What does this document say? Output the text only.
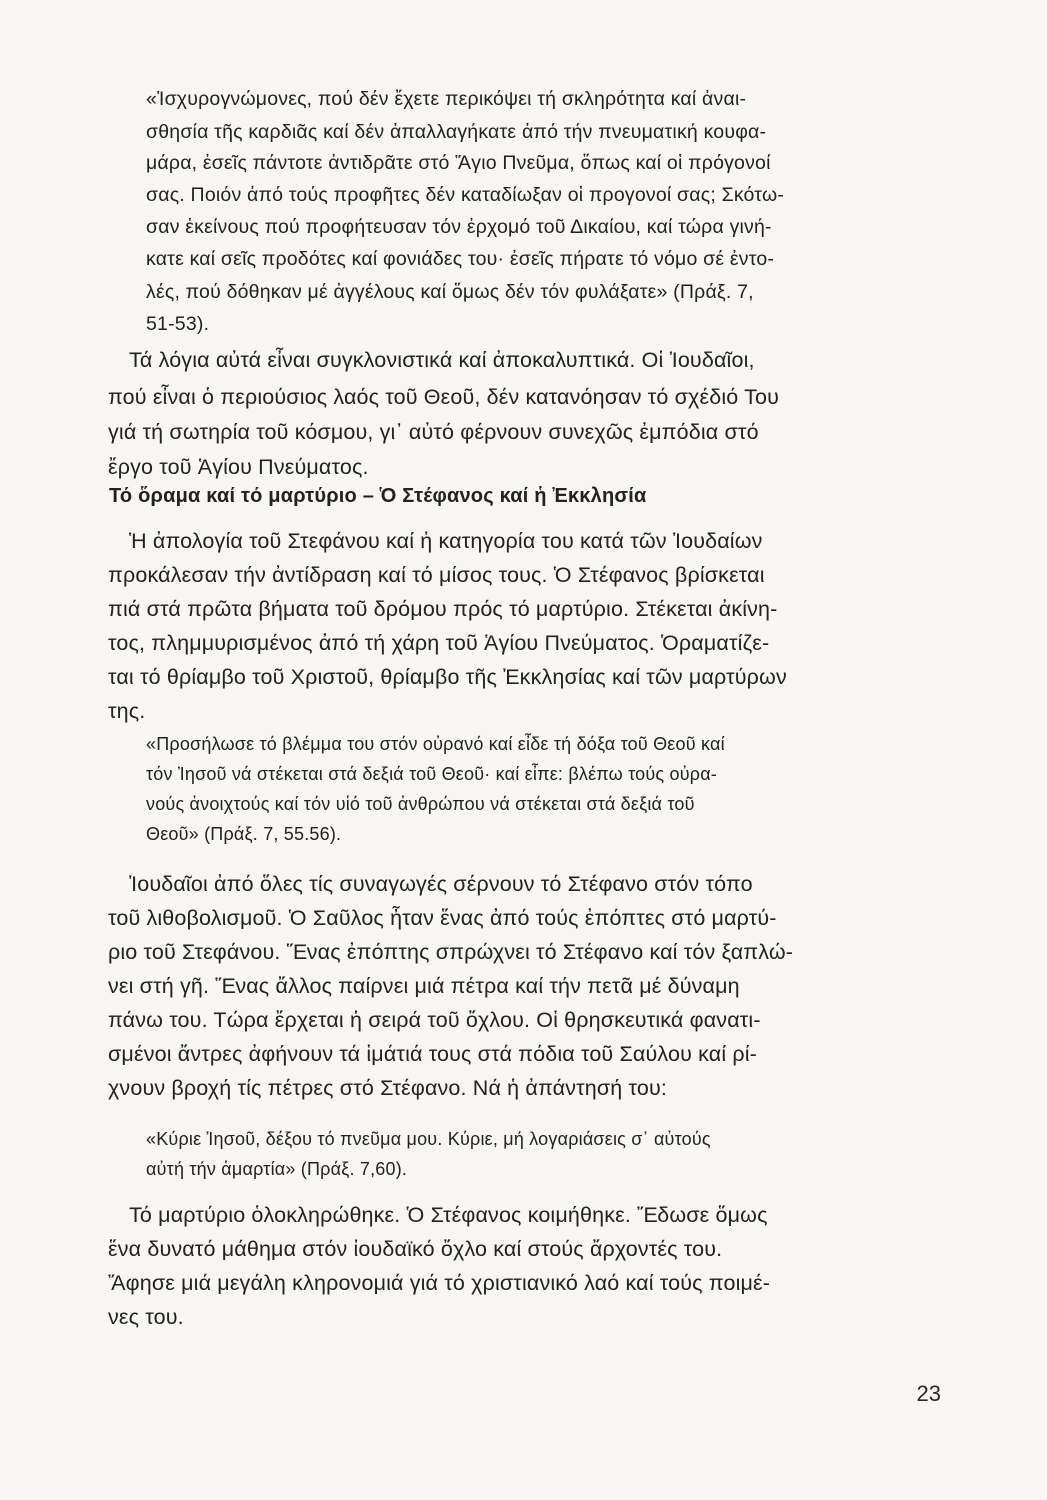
«Ἰσχυρογνώμονες, πού δέν ἔχετε περικόψει τή σκληρότητα καί ἀναι-
σθησία τῆς καρδιᾶς καί δέν ἀπαλλαγήκατε ἀπό τήν πνευματική κουφα-
μάρα, ἐσεῖς πάντοτε ἀντιδρᾶτε στό Ἅγιο Πνεῦμα, ὅπως καί οἱ πρόγονοί
σας. Ποιόν ἀπό τούς προφῆτες δέν καταδίωξαν οἱ προγονοί σας; Σκότω-
σαν ἐκείνους πού προφήτευσαν τόν ἐρχομό τοῦ Δικαίου, καί τώρα γινή-
κατε καί σεῖς προδότες καί φονιάδες του· ἐσεῖς πήρατε τό νόμο σέ ἐντο-
λές, πού δόθηκαν μέ ἀγγέλους καί ὅμως δέν τόν φυλάξατε» (Πράξ. 7,
51-53).
Τά λόγια αὐτά εἶναι συγκλονιστικά καί ἀποκαλυπτικά. Οἱ Ἰουδαῖοι,
πού εἶναι ὁ περιούσιος λαός τοῦ Θεοῦ, δέν κατανόησαν τό σχέδιό Του
γιά τή σωτηρία τοῦ κόσμου, γι᾽ αὐτό φέρνουν συνεχῶς ἐμπόδια στό
ἔργο τοῦ Ἁγίου Πνεύματος.
Τό ὅραμα καί τό μαρτύριο – Ὁ Στέφανος καί ἡ Ἐκκλησία
Ἡ ἀπολογία τοῦ Στεφάνου καί ἡ κατηγορία του κατά τῶν Ἰουδαίων
προκάλεσαν τήν ἀντίδραση καί τό μίσος τους. Ὁ Στέφανος βρίσκεται
πιά στά πρῶτα βήματα τοῦ δρόμου πρός τό μαρτύριο. Στέκεται ἀκίνη-
τος, πλημμυρισμένος ἀπό τή χάρη τοῦ Ἁγίου Πνεύματος. Ὁραματίζε-
ται τό θρίαμβο τοῦ Χριστοῦ, θρίαμβο τῆς Ἐκκλησίας καί τῶν μαρτύρων
της.
«Προσήλωσε τό βλέμμα του στόν οὐρανό καί εἶδε τή δόξα τοῦ Θεοῦ καί
τόν Ἰησοῦ νά στέκεται στά δεξιά τοῦ Θεοῦ· καί εἶπε: βλέπω τούς οὐρα-
νούς ἀνοιχτούς καί τόν υἱό τοῦ ἀνθρώπου νά στέκεται στά δεξιά τοῦ
Θεοῦ» (Πράξ. 7, 55.56).
Ἰουδαῖοι ἀπό ὅλες τίς συναγωγές σέρνουν τό Στέφανο στόν τόπο
τοῦ λιθοβολισμοῦ. Ὁ Σαῦλος ἦταν ἕνας ἀπό τούς ἐπόπτες στό μαρτύ-
ριο τοῦ Στεφάνου. Ἕνας ἐπόπτης σπρώχνει τό Στέφανο καί τόν ξαπλώ-
νει στή γῆ. Ἕνας ἄλλος παίρνει μιά πέτρα καί τήν πετᾶ μέ δύναμη
πάνω του. Τώρα ἔρχεται ἡ σειρά τοῦ ὄχλου. Οἱ θρησκευτικά φανατι-
σμένοι ἄντρες ἀφήνουν τά ἱμάτιά τους στά πόδια τοῦ Σαύλου καί ρί-
χνουν βροχή τίς πέτρες στό Στέφανο. Νά ἡ ἀπάντησή του:
«Κύριε Ἰησοῦ, δέξου τό πνεῦμα μου. Κύριε, μή λογαριάσεις σ᾽ αὐτούς
αὐτή τήν ἁμαρτία» (Πράξ. 7,60).
Τό μαρτύριο ὁλοκληρώθηκε. Ὁ Στέφανος κοιμήθηκε. Ἔδωσε ὅμως
ἕνα δυνατό μάθημα στόν ἰουδαϊκό ὄχλο καί στούς ἄρχοντές του.
Ἄφησε μιά μεγάλη κληρονομιά γιά τό χριστιανικό λαό καί τούς ποιμέ-
νες του.
23
